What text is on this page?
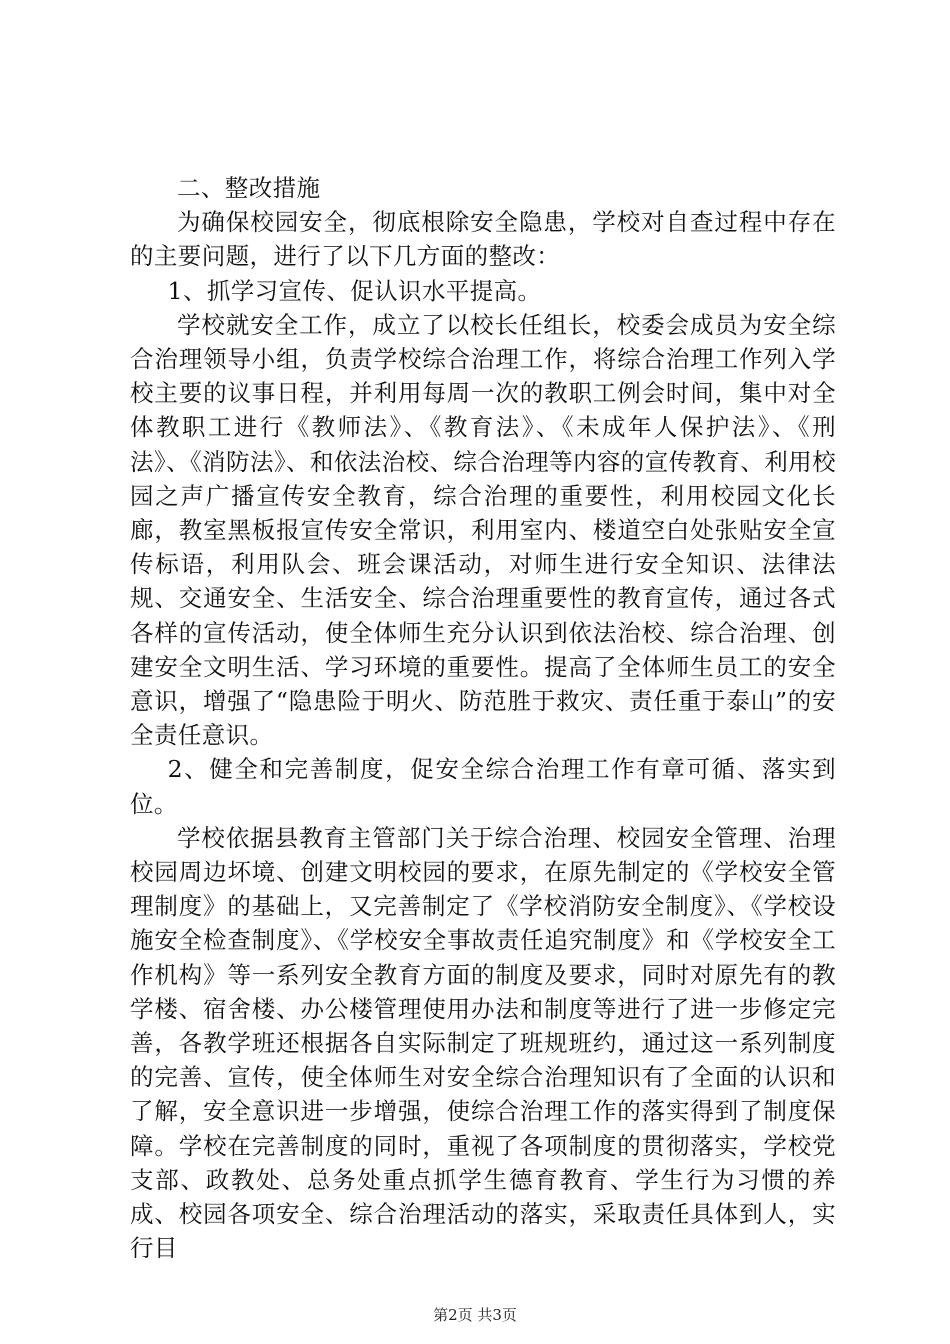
二、整改措施

为确保校园安全，彻底根除安全隐患，学校对自查过程中存在的主要问题，进行了以下几方面的整改：

1、抓学习宣传、促认识水平提高。

学校就安全工作，成立了以校长任组长，校委会成员为安全综合治理领导小组，负责学校综合治理工作，将综合治理工作列入学校主要的议事日程，并利用每周一次的教职工例会时间，集中对全体教职工进行《教师法》、《教育法》、《未成年人保护法》、《刑法》、《消防法》、和依法治校、综合治理等内容的宣传教育、利用校园之声广播宣传安全教育，综合治理的重要性，利用校园文化长廊，教室黑板报宣传安全常识，利用室内、楼道空白处张贴安全宣传标语，利用队会、班会课活动，对师生进行安全知识、法律法规、交通安全、生活安全、综合治理重要性的教育宣传，通过各式各样的宣传活动，使全体师生充分认识到依法治校、综合治理、创建安全文明生活、学习环境的重要性。提高了全体师生员工的安全意识，增强了“隐患险于明火、防范胜于救灾、责任重于泰山”的安全责任意识。

2、健全和完善制度，促安全综合治理工作有章可循、落实到位。

学校依据县教育主管部门关于综合治理、校园安全管理、治理校园周边坏境、创建文明校园的要求，在原先制定的《学校安全管理制度》的基础上，又完善制定了《学校消防安全制度》、《学校设施安全检查制度》、《学校安全事故责任追究制度》和《学校安全工作机构》等一系列安全教育方面的制度及要求，同时对原先有的教学楼、宿舍楼、办公楼管理使用办法和制度等进行了进一步修定完善，各教学班还根据各自实际制定了班规班约，通过这一系列制度的完善、宣传，使全体师生对安全综合治理知识有了全面的认识和了解，安全意识进一步增强，使综合治理工作的落实得到了制度保障。学校在完善制度的同时，重视了各项制度的贯彻落实，学校党支部、政教处、总务处重点抓学生德育教育、学生行为习惯的养成、校园各项安全、综合治理活动的落实，采取责任具体到人，实行目

第2页 共3页
